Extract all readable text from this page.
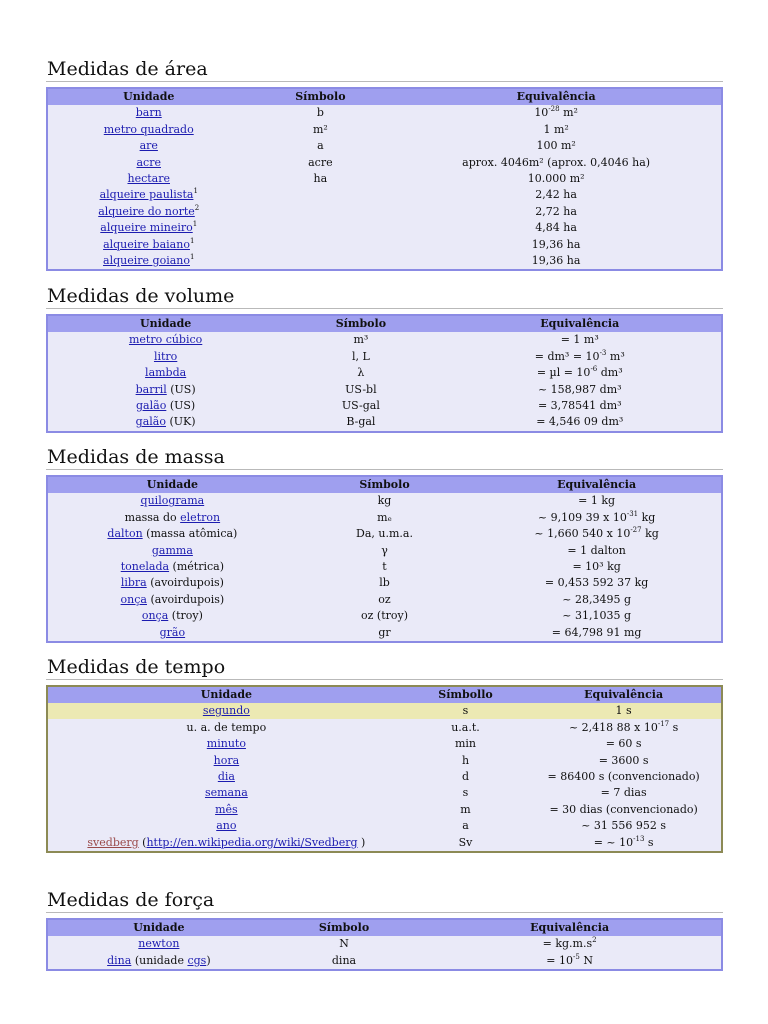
Medidas de área
Unidade	Símbolo	Equivalência
barn	b	$10^{-28}$ m²
metro quadrado	m²	1 m²
are	a	100 m²
acre	acre	aprox. 4046m² (aprox. 0,4046 ha)
hectare	ha	10.000 m²
alqueire paulista$^1$		2,42 ha
alqueire do norte$^2$		2,72 ha
alqueire mineiro$^1$		4,84 ha
alqueire baiano$^1$		19,36 ha
alqueire goiano$^1$		19,36 ha
Medidas de volume
Unidade	Símbolo	Equivalência
metro cúbico	m³	= 1 m³
litro	l, L	= $dm^3 = 10^{-3}$ m³
lambda	λ	= $\mu l = 10^{-6}$ dm³
barril (US)	US-bl	~ 158,987 dm³
galão (US)	US-gal	= 3,78541 dm³
galão (UK)	B-gal	= 4,546 09 dm³
Medidas de massa
Unidade	Símbolo	Equivalência
quilograma	kg	= 1 kg
massa do eletron	mₑ	~ 9,109 39 x $10^{-31}$ kg
dalton (massa atômica)	Da, u.m.a.	~ 1,660 540 x $10^{-27}$ kg
gamma	γ	= 1 dalton
tonelada (métrica)	t	= 10³ kg
libra (avoirdupois)	lb	= 0,453 592 37 kg
onça (avoirdupois)	oz	~ 28,3495 g
onça (troy)	oz (troy)	~ 31,1035 g
grão	gr	= 64,798 91 mg
Medidas de tempo
Unidade	Símbollo	Equivalência
segundo	s	1 s
u. a. de tempo	u.a.t.	~ 2,418 88 x $10^{-17}$ s
minuto	min	= 60 s
hora	h	= 3600 s
dia	d	= 86400 s (convencionado)
semana	s	= 7 dias
mês	m	= 30 dias (convencionado)
ano	a	~ 31 556 952 s
svedberg (http://en.wikipedia.org/wiki/Svedberg )	Sv	= ~ $10^{-13}$ s
Medidas de força
Unidade	Símbolo	Equivalência
newton	N	= $kg.m.s^2$
dina (unidade cgs)	dina	= $10^{-5}$ N
